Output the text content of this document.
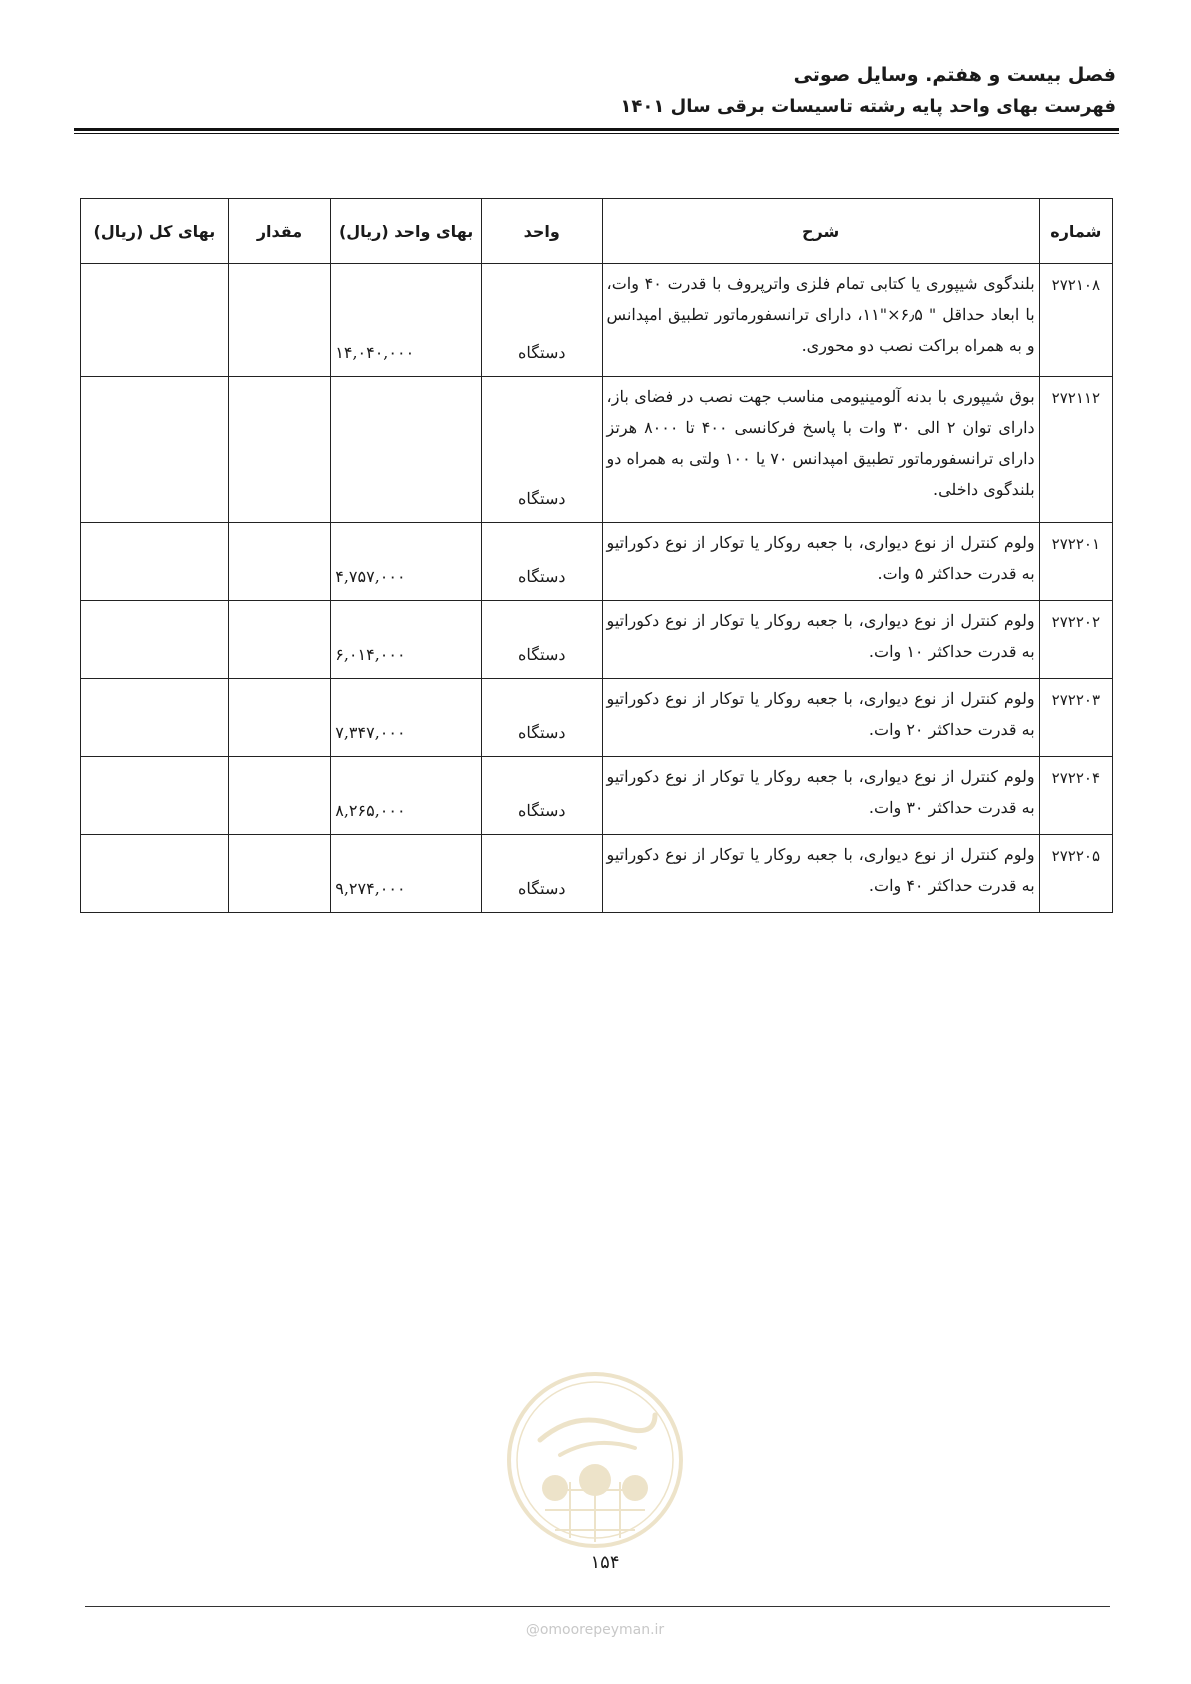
فصل بیست و هفتم. وسایل صوتی
فهرست بهای واحد پایه رشته تاسیسات برقی سال ۱۴۰۱
شماره	شرح	واحد	بهای واحد (ریال)	مقدار	بهای کل (ریال)
۲۷۲۱۰۸	بلندگوی شیپوری یا کتابی تمام فلزی واترپروف با قدرت ۴۰ وات، با ابعاد حداقل " ۶٫۵×"۱۱، دارای ترانسفورماتور تطبیق امپدانس و به همراه براکت نصب دو محوری.	دستگاه	۱۴,۰۴۰,۰۰۰		
۲۷۲۱۱۲	بوق شیپوری با بدنه آلومینیومی مناسب جهت نصب در فضای باز، دارای توان ۲ الی ۳۰ وات با پاسخ فرکانسی ۴۰۰ تا ۸۰۰۰ هرتز دارای ترانسفورماتور تطبیق امپدانس ۷۰ یا ۱۰۰ ولتی به همراه دو بلندگوی داخلی.	دستگاه			
۲۷۲۲۰۱	ولوم کنترل از نوع دیواری، با جعبه روکار یا توکار از نوع دکوراتیو به قدرت حداکثر ۵ وات.	دستگاه	۴,۷۵۷,۰۰۰		
۲۷۲۲۰۲	ولوم کنترل از نوع دیواری، با جعبه روکار یا توکار از نوع دکوراتیو به قدرت حداکثر ۱۰ وات.	دستگاه	۶,۰۱۴,۰۰۰		
۲۷۲۲۰۳	ولوم کنترل از نوع دیواری، با جعبه روکار یا توکار از نوع دکوراتیو به قدرت حداکثر ۲۰ وات.	دستگاه	۷,۳۴۷,۰۰۰		
۲۷۲۲۰۴	ولوم کنترل از نوع دیواری، با جعبه روکار یا توکار از نوع دکوراتیو به قدرت حداکثر ۳۰ وات.	دستگاه	۸,۲۶۵,۰۰۰		
۲۷۲۲۰۵	ولوم کنترل از نوع دیواری، با جعبه روکار یا توکار از نوع دکوراتیو به قدرت حداکثر ۴۰ وات.	دستگاه	۹,۲۷۴,۰۰۰		
۱۵۴
@omoorepeyman.ir
